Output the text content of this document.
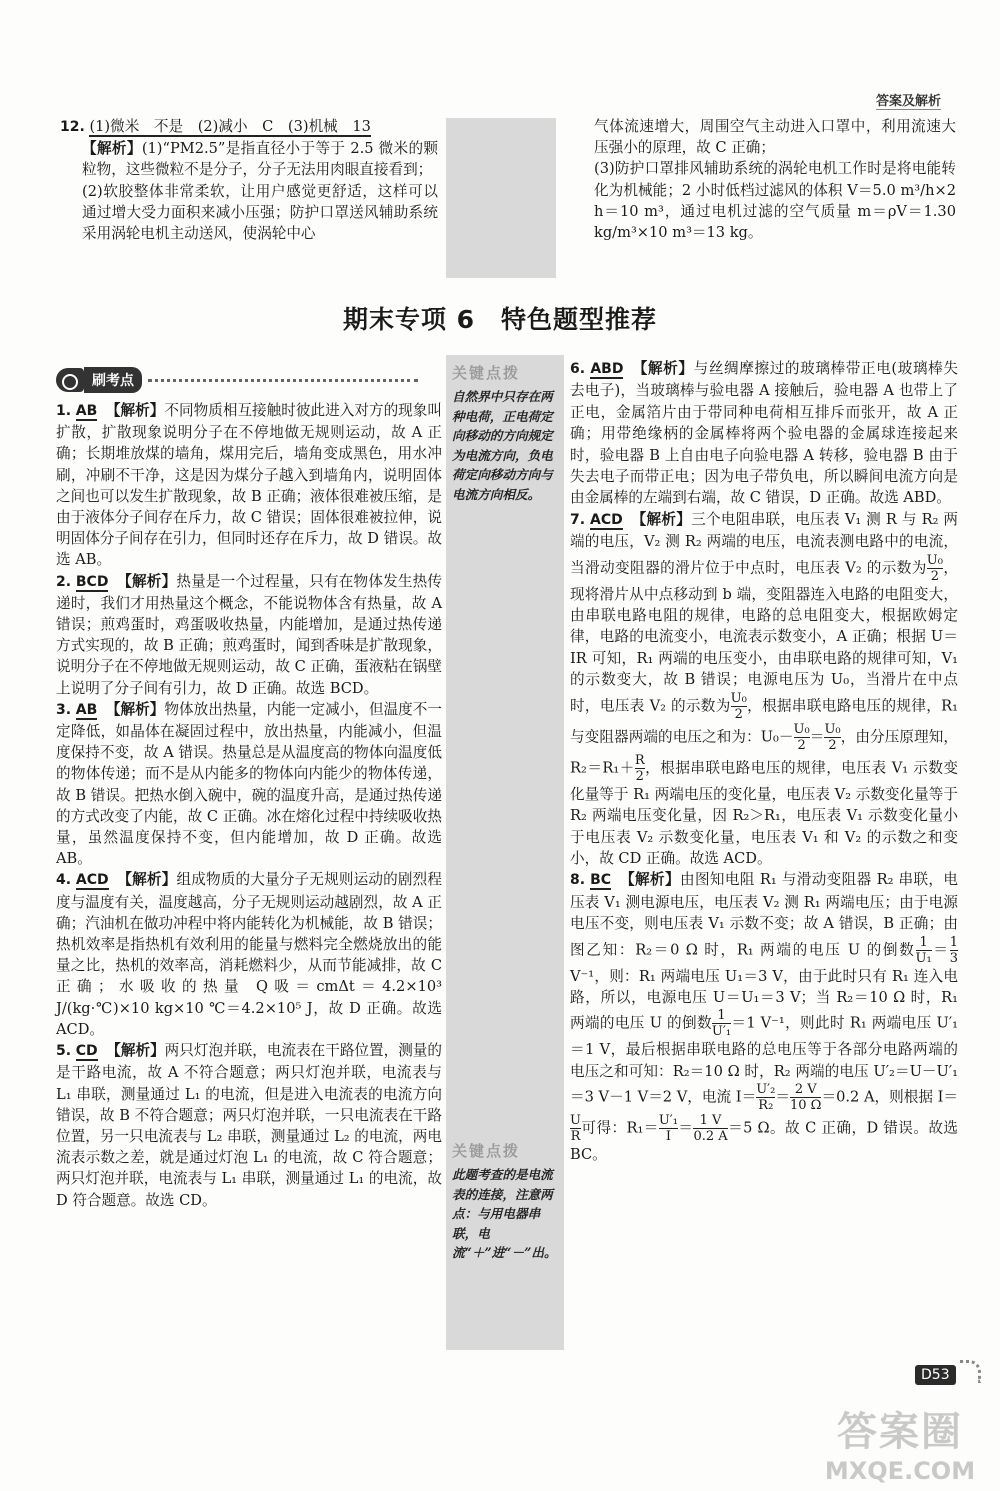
答案及解析

12. (1)微米　不是　(2)减小　C　(3)机械　13

【解析】(1)“PM2.5”是指直径小于等于 2.5 微米的颗粒物，这些微粒不是分子，分子无法用肉眼直接看到；

(2)软胶整体非常柔软，让用户感觉更舒适，这样可以通过增大受力面积来减小压强；防护口罩送风辅助系统采用涡轮电机主动送风，使涡轮中心

气体流速增大，周围空气主动进入口罩中，利用流速大压强小的原理，故 C 正确；

(3)防护口罩排风辅助系统的涡轮电机工作时是将电能转化为机械能；2 小时低档过滤风的体积 V＝5.0 m³/h×2 h＝10 m³，通过电机过滤的空气质量 m＝ρV＝1.30 kg/m³×10 m³＝13 kg。

期末专项 6　特色题型推荐
刷考点

1. AB 【解析】不同物质相互接触时彼此进入对方的现象叫扩散，扩散现象说明分子在不停地做无规则运动，故 A 正确；长期堆放煤的墙角，煤用完后，墙角变成黑色，用水冲刷，冲刷不干净，这是因为煤分子越入到墙角内，说明固体之间也可以发生扩散现象，故 B 正确；液体很难被压缩，是由于液体分子间存在斥力，故 C 错误；固体很难被拉伸，说明固体分子间存在引力，但同时还存在斥力，故 D 错误。故选 AB。

2. BCD 【解析】热量是一个过程量，只有在物体发生热传递时，我们才用热量这个概念，不能说物体含有热量，故 A 错误；煎鸡蛋时，鸡蛋吸收热量，内能增加，是通过热传递方式实现的，故 B 正确；煎鸡蛋时，闻到香味是扩散现象，说明分子在不停地做无规则运动，故 C 正确，蛋液粘在锅壁上说明了分子间有引力，故 D 正确。故选 BCD。

3. AB 【解析】物体放出热量，内能一定减小，但温度不一定降低，如晶体在凝固过程中，放出热量，内能减小，但温度保持不变，故 A 错误。热量总是从温度高的物体向温度低的物体传递；而不是从内能多的物体向内能少的物体传递，故 B 错误。把热水倒入碗中，碗的温度升高，是通过热传递的方式改变了内能，故 C 正确。冰在熔化过程中持续吸收热量，虽然温度保持不变，但内能增加，故 D 正确。故选 AB。

4. ACD 【解析】组成物质的大量分子无规则运动的剧烈程度与温度有关，温度越高，分子无规则运动越剧烈，故 A 正确；汽油机在做功冲程中将内能转化为机械能，故 B 错误；热机效率是指热机有效利用的能量与燃料完全燃烧放出的能量之比，热机的效率高，消耗燃料少，从而节能减排，故 C 正确；水吸收的热量 Q吸＝cmΔt＝4.2×10³ J/(kg·℃)×10 kg×10 ℃＝4.2×10⁵ J，故 D 正确。故选 ACD。

5. CD 【解析】两只灯泡并联，电流表在干路位置，测量的是干路电流，故 A 不符合题意；两只灯泡并联，电流表与 L₁ 串联，测量通过 L₁ 的电流，但是进入电流表的电流方向错误，故 B 不符合题意；两只灯泡并联，一只电流表在干路位置，另一只电流表与 L₂ 串联，测量通过 L₂ 的电流，两电流表示数之差，就是通过灯泡 L₁ 的电流，故 C 符合题意；两只灯泡并联，电流表与 L₁ 串联，测量通过 L₁ 的电流，故 D 符合题意。故选 CD。

关键点拨
自然界中只存在两种电荷，正电荷定向移动的方向规定为电流方向，负电荷定向移动方向与电流方向相反。
关键点拨
此题考查的是电流表的连接，注意两点：与用电器串联，电流“＋”进“－”出。

6. ABD 【解析】与丝绸摩擦过的玻璃棒带正电(玻璃棒失去电子)，当玻璃棒与验电器 A 接触后，验电器 A 也带上了正电，金属箔片由于带同种电荷相互排斥而张开，故 A 正确；用带绝缘柄的金属棒将两个验电器的金属球连接起来时，验电器 B 上自由电子向验电器 A 转移，验电器 B 由于失去电子而带正电；因为电子带负电，所以瞬间电流方向是由金属棒的左端到右端，故 C 错误，D 正确。故选 ABD。

7. ACD 【解析】三个电阻串联，电压表 V₁ 测 R 与 R₂ 两端的电压，V₂ 测 R₂ 两端的电压，电流表测电路中的电流，当滑动变阻器的滑片位于中点时，电压表 V₂ 的示数为 $\frac{\text{U₀}}{2}$ ，现将滑片从中点移动到 b 端，变阻器连入电路的电阻变大，由串联电路电阻的规律，电路的总电阻变大，根据欧姆定律，电路的电流变小，电流表示数变小，A 正确；根据 U＝IR 可知，R₁ 两端的电压变小，由串联电路的规律可知，V₁ 的示数变大，故 B 错误；电源电压为 U₀，当滑片在中点时，电压表 V₂ 的示数为 $\frac{\text{U₀}}{2}$ ，根据串联电路电压的规律，R₁ 与变阻器两端的电压之和为：$U_0- \frac{\text{U₀}}{2} = \frac{\text{U₀}}{2}$ ，由分压原理知，$R_2=R_1+ \frac{R}{2}$ ，根据串联电路电压的规律，电压表 V₁ 示数变化量等于 R₁ 两端电压的变化量，电压表 V₂ 示数变化量等于 R₂ 两端电压变化量，因 R₂＞R₁，电压表 V₁ 示数变化量小于电压表 V₂ 示数变化量，电压表 V₁ 和 V₂ 的示数之和变小，故 CD 正确。故选 ACD。

8. BC 【解析】由图知电阻 R₁ 与滑动变阻器 R₂ 串联，电压表 V₁ 测电源电压，电压表 V₂ 测 R₁ 两端电压；由于电源电压不变，则电压表 V₁ 示数不变；故 A 错误，B 正确；由图乙知：R₂＝0 Ω 时，R₁ 两端的电压 U 的倒数 $\frac{1}{\text{U₁}} = \frac{1}{3}$
V⁻¹，则：R₁ 两端电压 U₁＝3 V，由于此时只有 R₁ 连入电路，所以，电源电压 U＝U₁＝3 V；当 R₂＝10 Ω 时，R₁ 两端的电压 U 的倒数 $\frac{1}{\text{U′₁}} =1$ V⁻¹，则此时 R₁ 两端电压 U′₁＝1 V，最后根据串联电路的总电压等于各部分电路两端的电压之和可知：R₂＝10 Ω 时，R₂ 两端的电压 U′₂＝U－U′₁＝3 V－1 V＝2 V，电流 $I= \frac{\text{U′₂}}{\text{R₂}} = \frac{2 V}{10 \Omega} =0.2$ A，则根据 I＝
$\frac{U}{R}$ 可得：$R_1= \frac{\text{U′₁}}{I} = \frac{1 V}{0.2 A} =5$ Ω。故 C 正确，D 错误。故选 BC。

D53
答案圈
MXQE.COM
